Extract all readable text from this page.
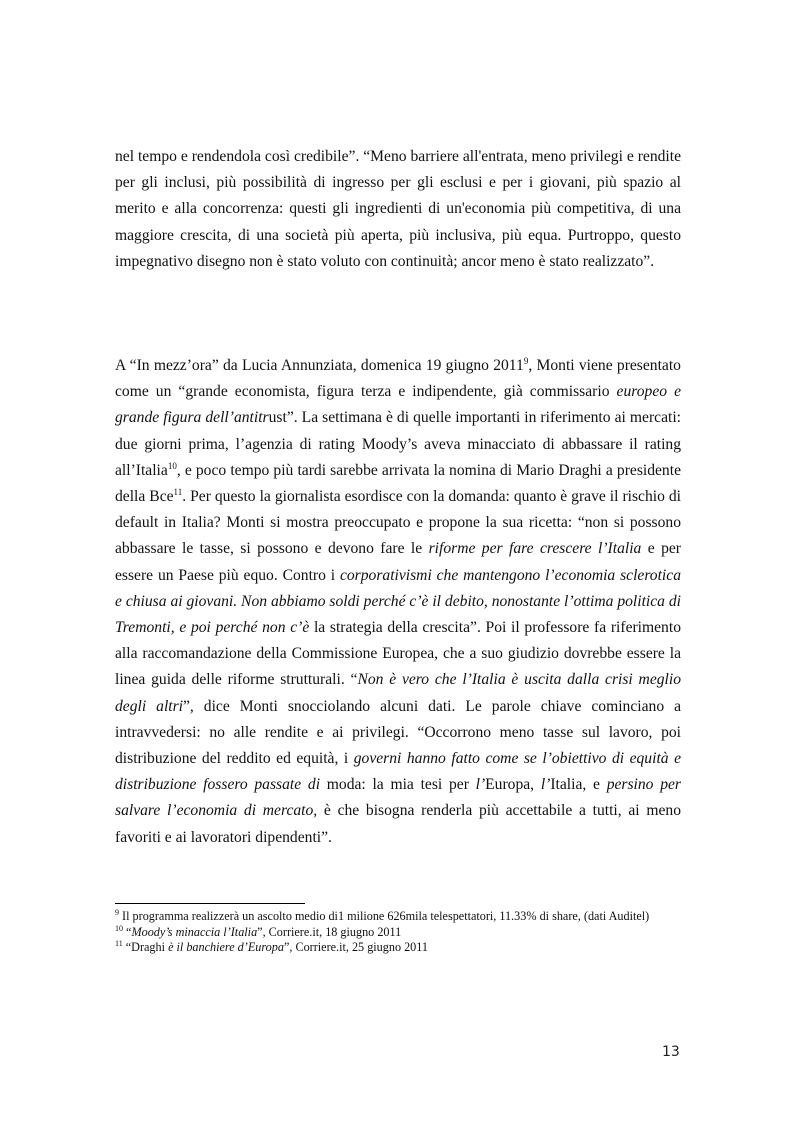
nel tempo e rendendola così credibile”. “Meno barriere all'entrata, meno privilegi e rendite per gli inclusi, più possibilità di ingresso per gli esclusi e per i giovani, più spazio al merito e alla concorrenza: questi gli ingredienti di un'economia più competitiva, di una maggiore crescita, di una società più aperta, più inclusiva, più equa. Purtroppo, questo impegnativo disegno non è stato voluto con continuità; ancor meno è stato realizzato”.

A “In mezz’ora” da Lucia Annunziata, domenica 19 giugno 2011$^9$, Monti viene presentato come un “grande economista, figura terza e indipendente, già commissario europeo e grande figura dell’antitrust”. La settimana è di quelle importanti in riferimento ai mercati: due giorni prima, l’agenzia di rating Moody’s aveva minacciato di abbassare il rating all’Italia$^{10}$, e poco tempo più tardi sarebbe arrivata la nomina di Mario Draghi a presidente della Bce$^{11}$. Per questo la giornalista esordisce con la domanda: quanto è grave il rischio di default in Italia? Monti si mostra preoccupato e propone la sua ricetta: “non si possono abbassare le tasse, si possono e devono fare le riforme per fare crescere l’Italia e per essere un Paese più equo. Contro i corporativismi che mantengono l’economia sclerotica e chiusa ai giovani. Non abbiamo soldi perché c’è il debito, nonostante l’ottima politica di Tremonti, e poi perché non c’è la strategia della crescita”. Poi il professore fa riferimento alla raccomandazione della Commissione Europea, che a suo giudizio dovrebbe essere la linea guida delle riforme strutturali. “Non è vero che l’Italia è uscita dalla crisi meglio degli altri”, dice Monti snocciolando alcuni dati. Le parole chiave cominciano a intravvedersi: no alle rendite e ai privilegi. “Occorrono meno tasse sul lavoro, poi distribuzione del reddito ed equità, i governi hanno fatto come se l’obiettivo di equità e distribuzione fossero passate di moda: la mia tesi per l’Europa, l’Italia, e persino per salvare l’economia di mercato, è che bisogna renderla più accettabile a tutti, ai meno favoriti e ai lavoratori dipendenti”.

$^9$ Il programma realizzerà un ascolto medio di1 milione 626mila telespettatori, 11.33% di share, (dati Auditel)

$^{10}$ “Moody’s minaccia l’Italia”, Corriere.it, 18 giugno 2011

$^{11}$ “Draghi è il banchiere d’Europa”, Corriere.it, 25 giugno 2011

13
